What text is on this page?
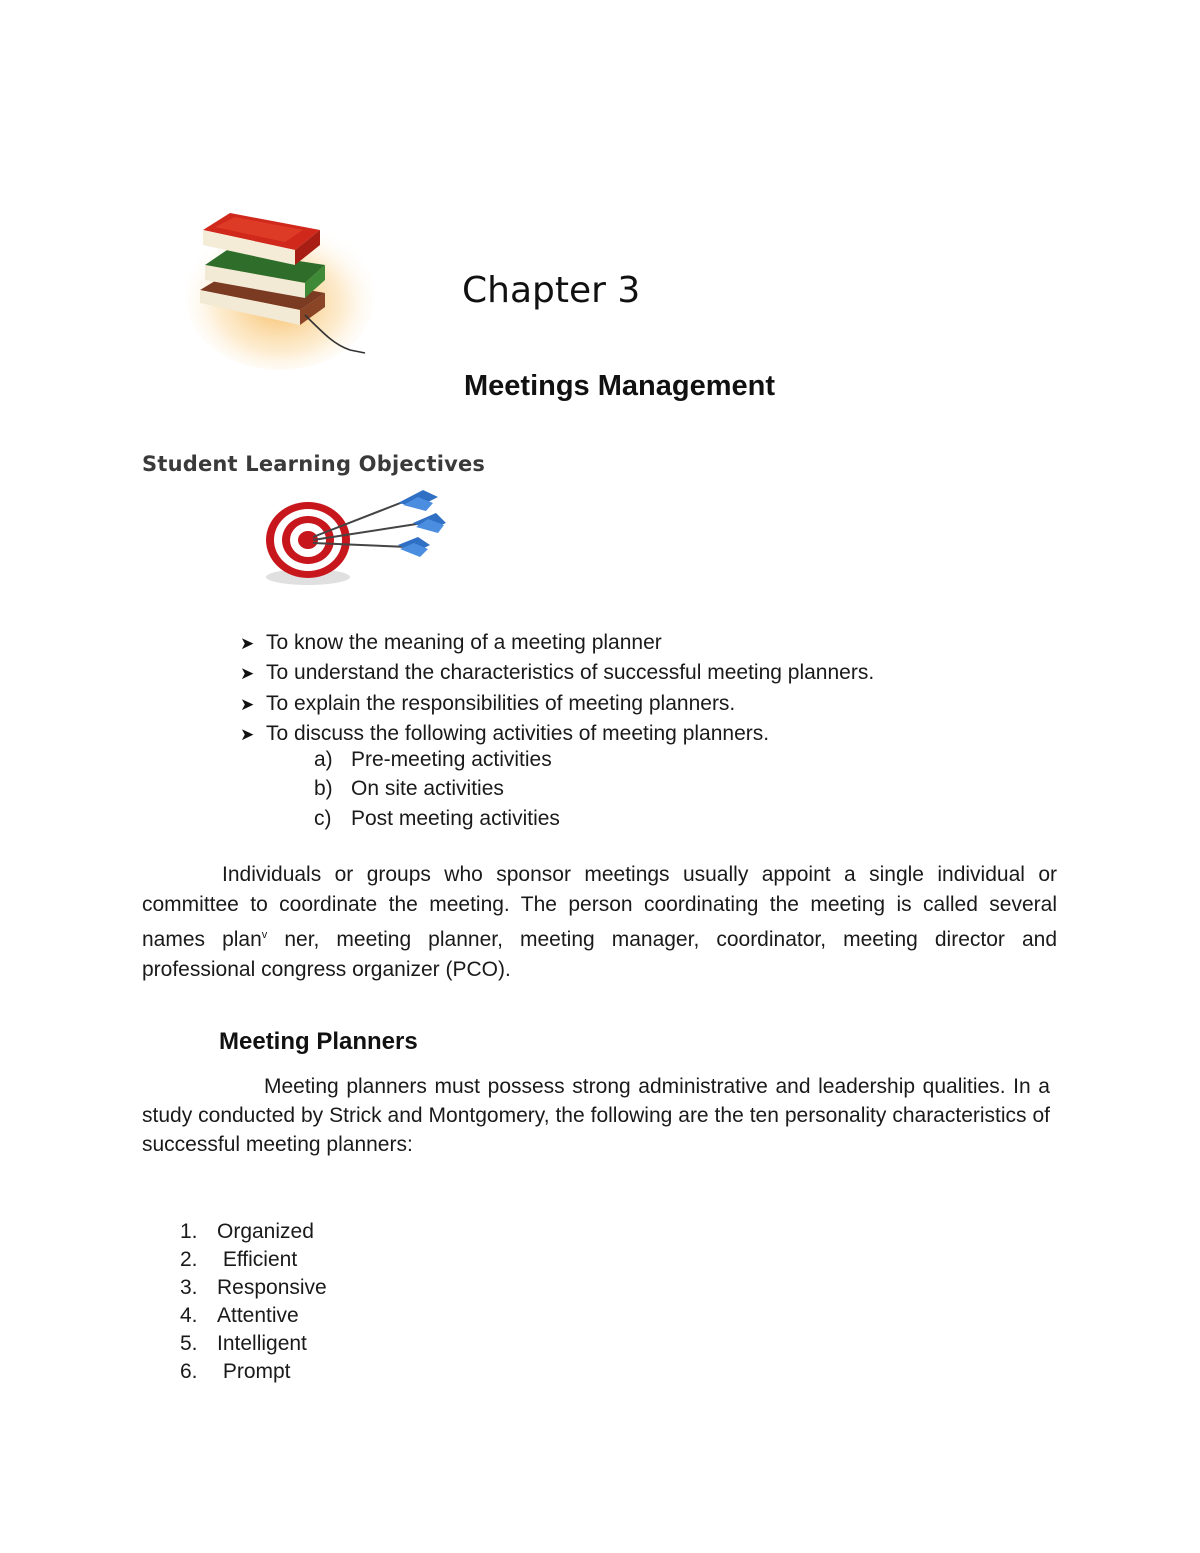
Chapter 3
Meetings Management
Student Learning Objectives
➤ To know the meaning of a meeting planner
➤ To understand the characteristics of successful meeting planners.
➤ To explain the responsibilities of meeting planners.
➤ To discuss the following activities of meeting planners.
a) Pre-meeting activities
b) On site activities
c) Post meeting activities

Individuals or groups who sponsor meetings usually appoint a single individual or committee to coordinate the meeting. The person coordinating the meeting is called several names plan$^v$ ner, meeting planner, meeting manager, coordinator, meeting director and professional congress organizer (PCO).

Meeting Planners

Meeting planners must possess strong administrative and leadership qualities. In a study conducted by Strick and Montgomery, the following are the ten personality characteristics of successful meeting planners:

1. Organized
2. Efficient
3. Responsive
4. Attentive
5. Intelligent
6. Prompt
